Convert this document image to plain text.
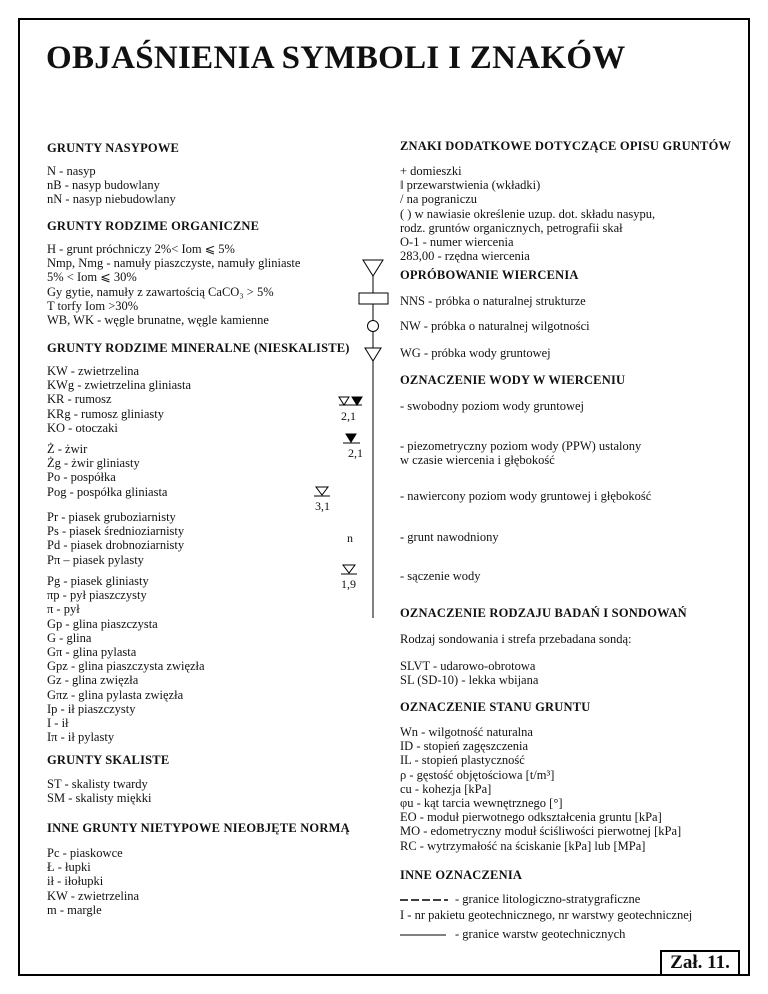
OBJAŚNIENIA SYMBOLI I ZNAKÓW
GRUNTY NASYPOWE
N - nasyp
nB - nasyp budowlany
nN - nasyp niebudowlany
GRUNTY RODZIME ORGANICZNE
H - grunt próchniczy 2%< Iom ⩽ 5%
Nmp, Nmg - namuły piaszczyste, namuły gliniaste
5% < Iom ⩽ 30%
Gy gytie, namuły z zawartością CaCO₃ > 5%
T torfy Iom >30%
WB, WK - węgle brunatne, węgle kamienne
GRUNTY RODZIME MINERALNE (NIESKALISTE)
KW - zwietrzelina
KWg - zwietrzelina gliniasta
KR - rumosz
KRg - rumosz gliniasty
KO - otoczaki
Ż - żwir
Żg - żwir gliniasty
Po - pospółka
Pog - pospółka gliniasta
Pr - piasek gruboziarnisty
Ps - piasek średnioziarnisty
Pd - piasek drobnoziarnisty
Pπ – piasek pylasty
Pg - piasek gliniasty
πp - pył piaszczysty
π - pył
Gp - glina piaszczysta
G - glina
Gπ - glina pylasta
Gpz - glina piaszczysta zwięzła
Gz - glina zwięzła
Gπz - glina pylasta zwięzła
Ip - ił piaszczysty
I - ił
Iπ - ił pylasty
GRUNTY SKALISTE
ST - skalisty twardy
SM - skalisty miękki
INNE GRUNTY NIETYPOWE NIEOBJĘTE NORMĄ
Pc - piaskowce
Ł - łupki
ił - iłołupki
KW - zwietrzelina
m - margle
2,1
2,1
3,1
n
1,9
ZNAKI DODATKOWE DOTYCZĄCE OPISU GRUNTÓW
+ domieszki
‖ przewarstwienia (wkładki)
/ na pograniczu
( ) w nawiasie określenie uzup. dot. składu nasypu,
rodz. gruntów organicznych, petrografii skał
O-1 - numer wiercenia
283,00 - rzędna wiercenia
OPRÓBOWANIE WIERCENIA
NNS - próbka o naturalnej strukturze
NW - próbka o naturalnej wilgotności
WG - próbka wody gruntowej
OZNACZENIE WODY W WIERCENIU
- swobodny poziom wody gruntowej
- piezometryczny poziom wody (PPW) ustalony
w czasie wiercenia i głębokość
- nawiercony poziom wody gruntowej i głębokość
- grunt nawodniony
- sączenie wody
OZNACZENIE RODZAJU BADAŃ I SONDOWAŃ
Rodzaj sondowania i strefa przebadana sondą:
SLVT - udarowo-obrotowa
SL (SD-10) - lekka wbijana
OZNACZENIE STANU GRUNTU
Wn - wilgotność naturalna
ID - stopień zagęszczenia
IL - stopień plastyczność
ρ - gęstość objętościowa [t/m³]
cu - kohezja [kPa]
φu - kąt tarcia wewnętrznego [°]
EO - moduł pierwotnego odkształcenia gruntu [kPa]
MO - edometryczny moduł ściśliwości pierwotnej [kPa]
RC - wytrzymałość na ściskanie [kPa] lub [MPa]
INNE OZNACZENIA
- granice litologiczno-stratygraficzne
I - nr pakietu geotechnicznego, nr warstwy geotechnicznej
- granice warstw geotechnicznych
Zał. 11.
